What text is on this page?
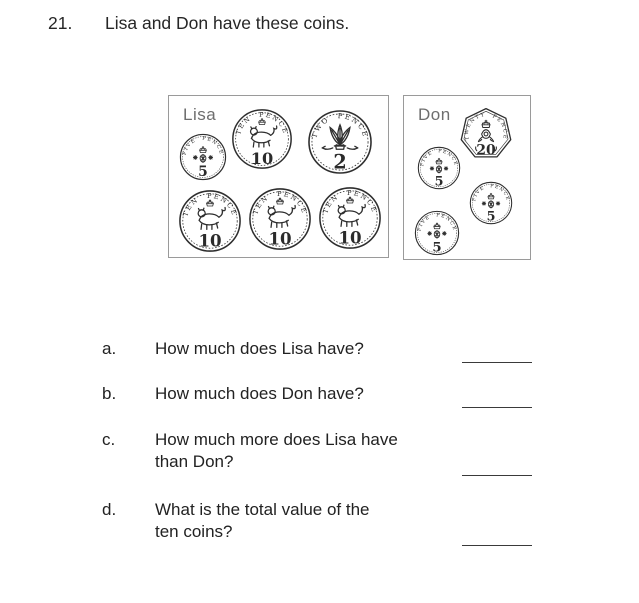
21. Lisa and Don have these coins.
Lisa
FIVE PENCE
5
TEN PENCE
10
TWO PENCE
2
TEN PENCE
10
TEN PENCE
10
TEN PENCE
10
Don
TWENTY PENCE
20
FIVE PENCE
5
FIVE PENCE
5
FIVE PENCE
5
a.	How much does Lisa have?
b.	How much does Don have?
c.	How much more does Lisa have
than Don?
d.	What is the total value of the
ten coins?
